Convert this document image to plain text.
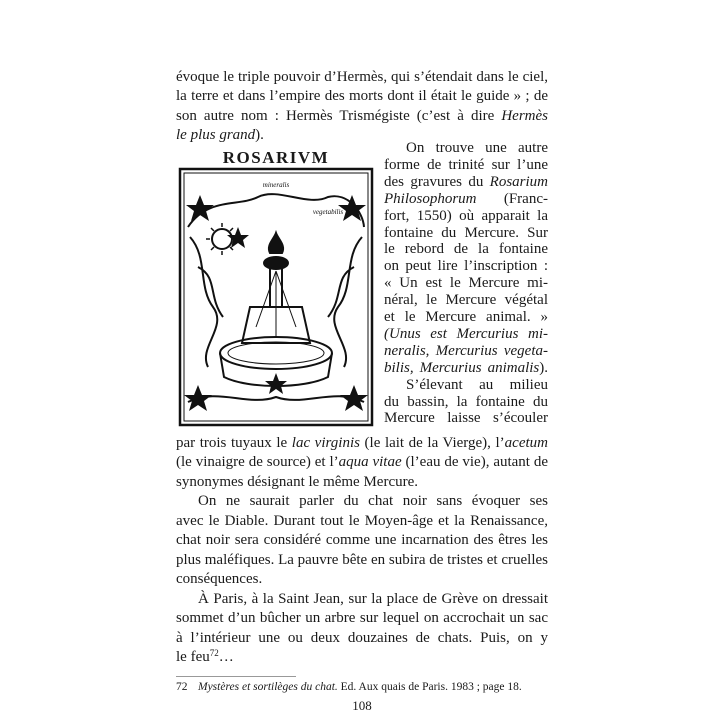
évoque le triple pouvoir d’Hermès, qui s’étendait dans le ciel,
la terre et dans l’empire des morts dont il était le guide » ; de
son autre nom : Hermès Trismégiste (c’est à dire Hermès
le plus grand).
ROSARIVM
mineralis
vegetabilis
On trouve une autre
forme de trinité sur l’une
des gravures du Rosarium
Philosophorum (Franc-
fort, 1550) où apparait la
fontaine du Mercure. Sur
le rebord de la fontaine
on peut lire l’inscription :
« Un est le Mercure mi-
néral, le Mercure végétal
et le Mercure animal. »
(Unus est Mercurius mi-
neralis, Mercurius vegeta-
bilis, Mercurius animalis).
S’élevant au milieu
du bassin, la fontaine du
Mercure laisse s’écouler
par trois tuyaux le lac virginis (le lait de la Vierge), l’acetum
(le vinaigre de source) et l’aqua vitae (l’eau de vie), autant de
synonymes désignant le même Mercure.
On ne saurait parler du chat noir sans évoquer ses
avec le Diable. Durant tout le Moyen-âge et la Renaissance,
chat noir sera considéré comme une incarnation des êtres les
plus maléfiques. La pauvre bête en subira de tristes et cruelles
conséquences.
À Paris, à la Saint Jean, sur la place de Grève on dressait
sommet d’un bûcher un arbre sur lequel on accrochait un sac
à l’intérieur une ou deux douzaines de chats. Puis, on y
le feu$^{72}$…
72 Mystères et sortilèges du chat. Ed. Aux quais de Paris. 1983 ; page 18.
108
